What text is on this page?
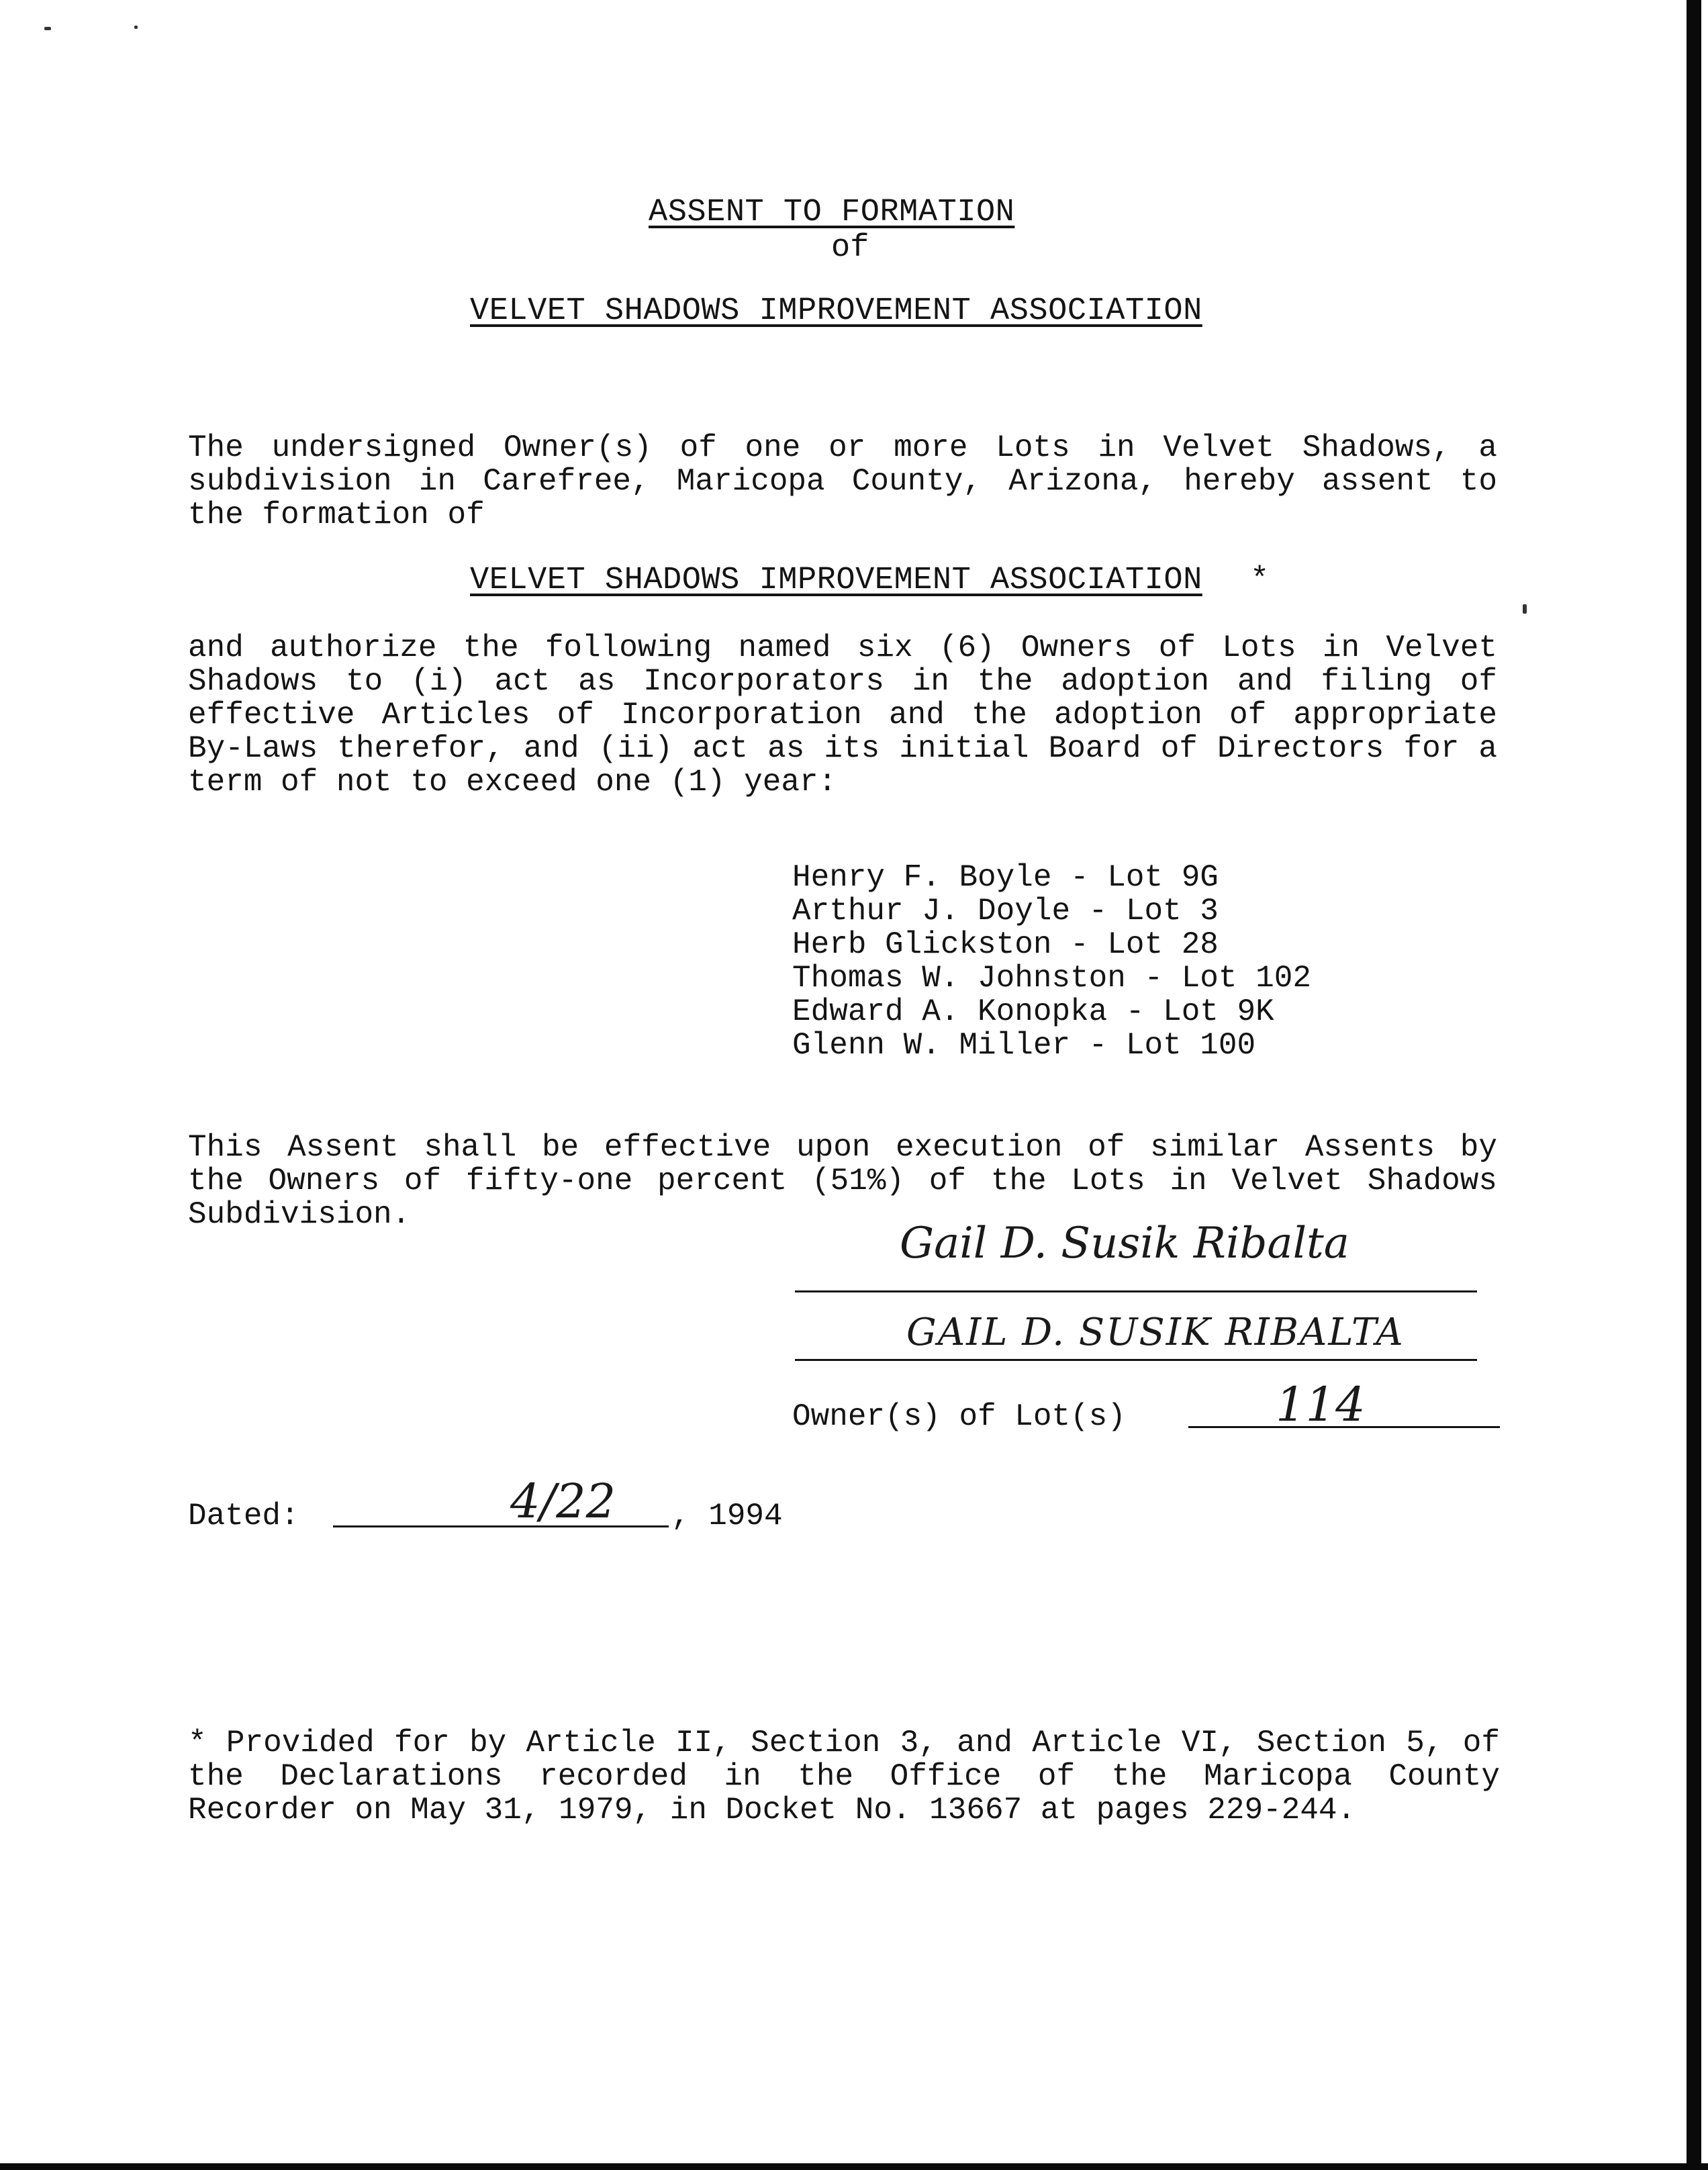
ASSENT TO FORMATION
of
VELVET SHADOWS IMPROVEMENT ASSOCIATION

The undersigned Owner(s) of one or more Lots in Velvet Shadows, a subdivision in Carefree, Maricopa County, Arizona, hereby assent to the formation of

VELVET SHADOWS IMPROVEMENT ASSOCIATION *

and authorize the following named six (6) Owners of Lots in Velvet Shadows to (i) act as Incorporators in the adoption and filing of effective Articles of Incorporation and the adoption of appropriate By-Laws therefor, and (ii) act as its initial Board of Directors for a term of not to exceed one (1) year:

Henry F. Boyle - Lot 9G
Arthur J. Doyle - Lot 3
Herb Glickston - Lot 28
Thomas W. Johnston - Lot 102
Edward A. Konopka - Lot 9K
Glenn W. Miller - Lot 100

This Assent shall be effective upon execution of similar Assents by the Owners of fifty-one percent (51%) of the Lots in Velvet Shadows Subdivision.

Gail D. Susik Ribalta
GAIL D. SUSIK RIBALTA
Owner(s) of Lot(s)	114
Dated:	4/22 , 1994

* Provided for by Article II, Section 3, and Article VI, Section 5, of the Declarations recorded in the Office of the Maricopa County Recorder on May 31, 1979, in Docket No. 13667 at pages 229-244.
